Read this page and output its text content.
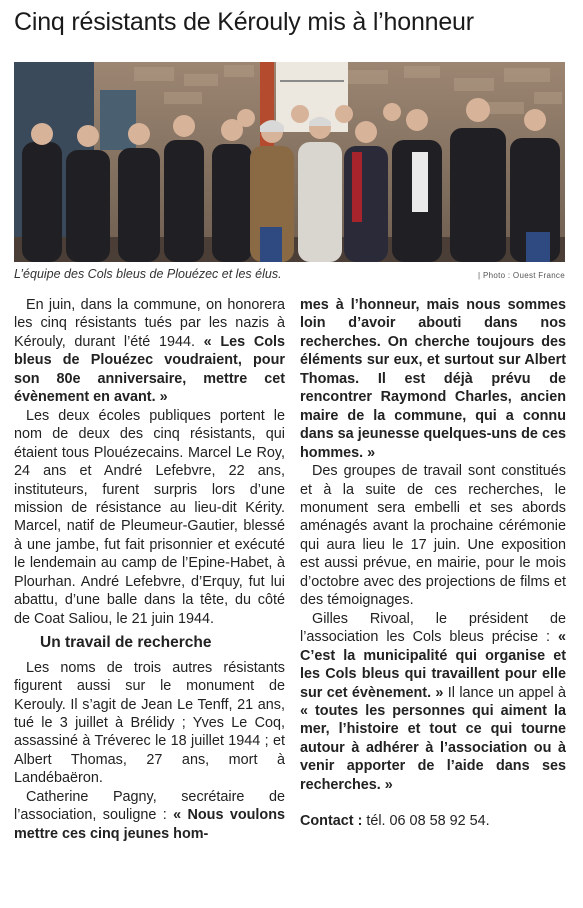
Cinq résistants de Kérouly mis à l’honneur
L’équipe des Cols bleus de Plouézec et les élus.	| Photo : Ouest France

En juin, dans la commune, on honorera les cinq résistants tués par les nazis à Kérouly, durant l’été 1944. « Les Cols bleus de Plouézec voudraient, pour son 80e anniversaire, mettre cet évènement en avant. »

Les deux écoles publiques portent le nom de deux des cinq résistants, qui étaient tous Plouézecains. Marcel Le Roy, 24 ans et André Lefebvre, 22 ans, instituteurs, furent surpris lors d’une mission de résistance au lieu-dit Kérity. Marcel, natif de Pleumeur-Gautier, blessé à une jambe, fut fait prisonnier et exécuté le lendemain au camp de l’Epine-Habet, à Plourhan. André Lefebvre, d’Erquy, fut lui abattu, d’une balle dans la tête, du côté de Coat Saliou, le 21 juin 1944.

Un travail de recherche

Les noms de trois autres résistants figurent aussi sur le monument de Kerouly. Il s’agit de Jean Le Tenff, 21 ans, tué le 3 juillet à Brélidy ; Yves Le Coq, assassiné à Tréverec le 18 juillet 1944 ; et Albert Thomas, 27 ans, mort à Landébaëron.

Catherine Pagny, secrétaire de l’association, souligne : « Nous voulons mettre ces cinq jeunes hom-

mes à l’honneur, mais nous sommes loin d’avoir abouti dans nos recherches. On cherche toujours des éléments sur eux, et surtout sur Albert Thomas. Il est déjà prévu de rencontrer Raymond Charles, ancien maire de la commune, qui a connu dans sa jeunesse quelques-uns de ces hommes. »

Des groupes de travail sont constitués et à la suite de ces recherches, le monument sera embelli et ses abords aménagés avant la prochaine cérémonie qui aura lieu le 17 juin. Une exposition est aussi prévue, en mairie, pour le mois d’octobre avec des projections de films et des témoignages.

Gilles Rivoal, le président de l’association les Cols bleus précise : « C’est la municipalité qui organise et les Cols bleus qui travaillent pour elle sur cet évènement. » Il lance un appel à « toutes les personnes qui aiment la mer, l’histoire et tout ce qui tourne autour à adhérer à l’association ou à venir apporter de l’aide dans ses recherches. »

Contact : tél. 06 08 58 92 54.
